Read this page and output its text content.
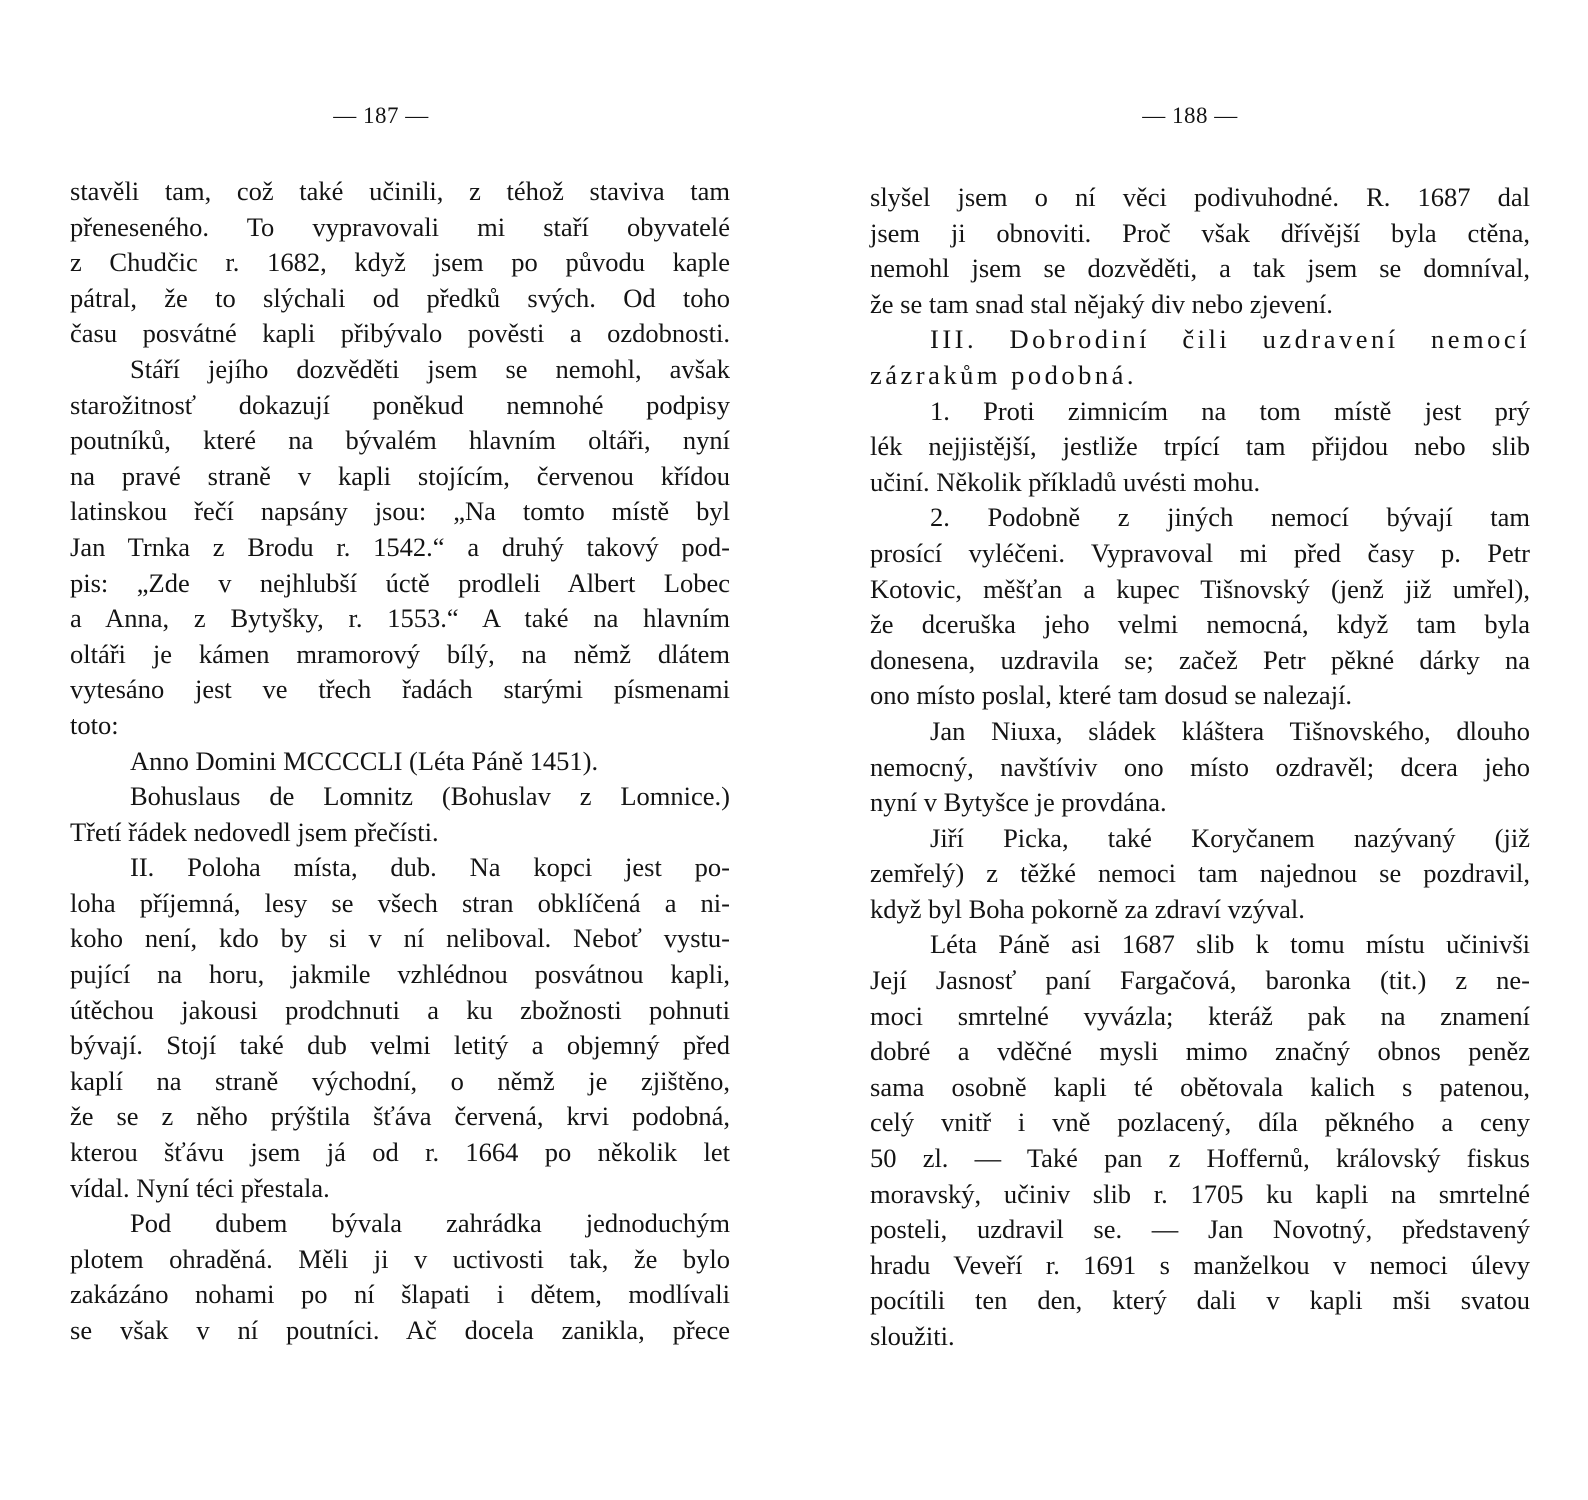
— 187 —
stavěli tam, což také učinili, z téhož staviva tam
přeneseného. To vypravovali mi staří obyvatelé
z Chudčic r. 1682, když jsem po původu kaple
pátral, že to slýchali od předků svých. Od toho
času posvátné kapli přibývalo pověsti a ozdobnosti.
Stáří jejího dozvěděti jsem se nemohl, avšak
starožitnosť dokazují poněkud nemnohé podpisy
poutníků, které na bývalém hlavním oltáři, nyní
na pravé straně v kapli stojícím, červenou křídou
latinskou řečí napsány jsou: „Na tomto místě byl
Jan Trnka z Brodu r. 1542.“ a druhý takový pod-
pis: „Zde v nejhlubší úctě prodleli Albert Lobec
a Anna, z Bytyšky, r. 1553.“ A také na hlavním
oltáři je kámen mramorový bílý, na němž dlátem
vytesáno jest ve třech řadách starými písmenami
toto:
Anno Domini MCCCCLI (Léta Páně 1451).
Bohuslaus de Lomnitz (Bohuslav z Lomnice.)
Třetí řádek nedovedl jsem přečísti.
II. Poloha místa, dub. Na kopci jest po-
loha příjemná, lesy se všech stran obklíčená a ni-
koho není, kdo by si v ní neliboval. Neboť vystu-
pující na horu, jakmile vzhlédnou posvátnou kapli,
útěchou jakousi prodchnuti a ku zbožnosti pohnuti
bývají. Stojí také dub velmi letitý a objemný před
kaplí na straně východní, o němž je zjištěno,
že se z něho prýštila šťáva červená, krvi podobná,
kterou šťávu jsem já od r. 1664 po několik let
vídal. Nyní téci přestala.
Pod dubem bývala zahrádka jednoduchým
plotem ohraděná. Měli ji v uctivosti tak, že bylo
zakázáno nohami po ní šlapati i dětem, modlívali
se však v ní poutníci. Ač docela zanikla, přece
— 188 —
slyšel jsem o ní věci podivuhodné. R. 1687 dal
jsem ji obnoviti. Proč však dřívější byla ctěna,
nemohl jsem se dozvěděti, a tak jsem se domníval,
že se tam snad stal nějaký div nebo zjevení.
III. Dobrodiní čili uzdravení nemocí
zázrakům podobná.
1. Proti zimnicím na tom místě jest prý
lék nejjistější, jestliže trpící tam přijdou nebo slib
učiní. Několik příkladů uvésti mohu.
2. Podobně z jiných nemocí bývají tam
prosící vyléčeni. Vypravoval mi před časy p. Petr
Kotovic, měšťan a kupec Tišnovský (jenž již umřel),
že dceruška jeho velmi nemocná, když tam byla
donesena, uzdravila se; začež Petr pěkné dárky na
ono místo poslal, které tam dosud se nalezají.
Jan Niuxa, sládek kláštera Tišnovského, dlouho
nemocný, navštíviv ono místo ozdravěl; dcera jeho
nyní v Bytyšce je provdána.
Jiří Picka, také Koryčanem nazývaný (již
zemřelý) z těžké nemoci tam najednou se pozdravil,
když byl Boha pokorně za zdraví vzýval.
Léta Páně asi 1687 slib k tomu místu učinivši
Její Jasnosť paní Fargačová, baronka (tit.) z ne-
moci smrtelné vyvázla; kteráž pak na znamení
dobré a vděčné mysli mimo značný obnos peněz
sama osobně kapli té obětovala kalich s patenou,
celý vnitř i vně pozlacený, díla pěkného a ceny
50 zl. — Také pan z Hoffernů, královský fiskus
moravský, učiniv slib r. 1705 ku kapli na smrtelné
posteli, uzdravil se. — Jan Novotný, představený
hradu Veveří r. 1691 s manželkou v nemoci úlevy
pocítili ten den, který dali v kapli mši svatou
sloužiti.
